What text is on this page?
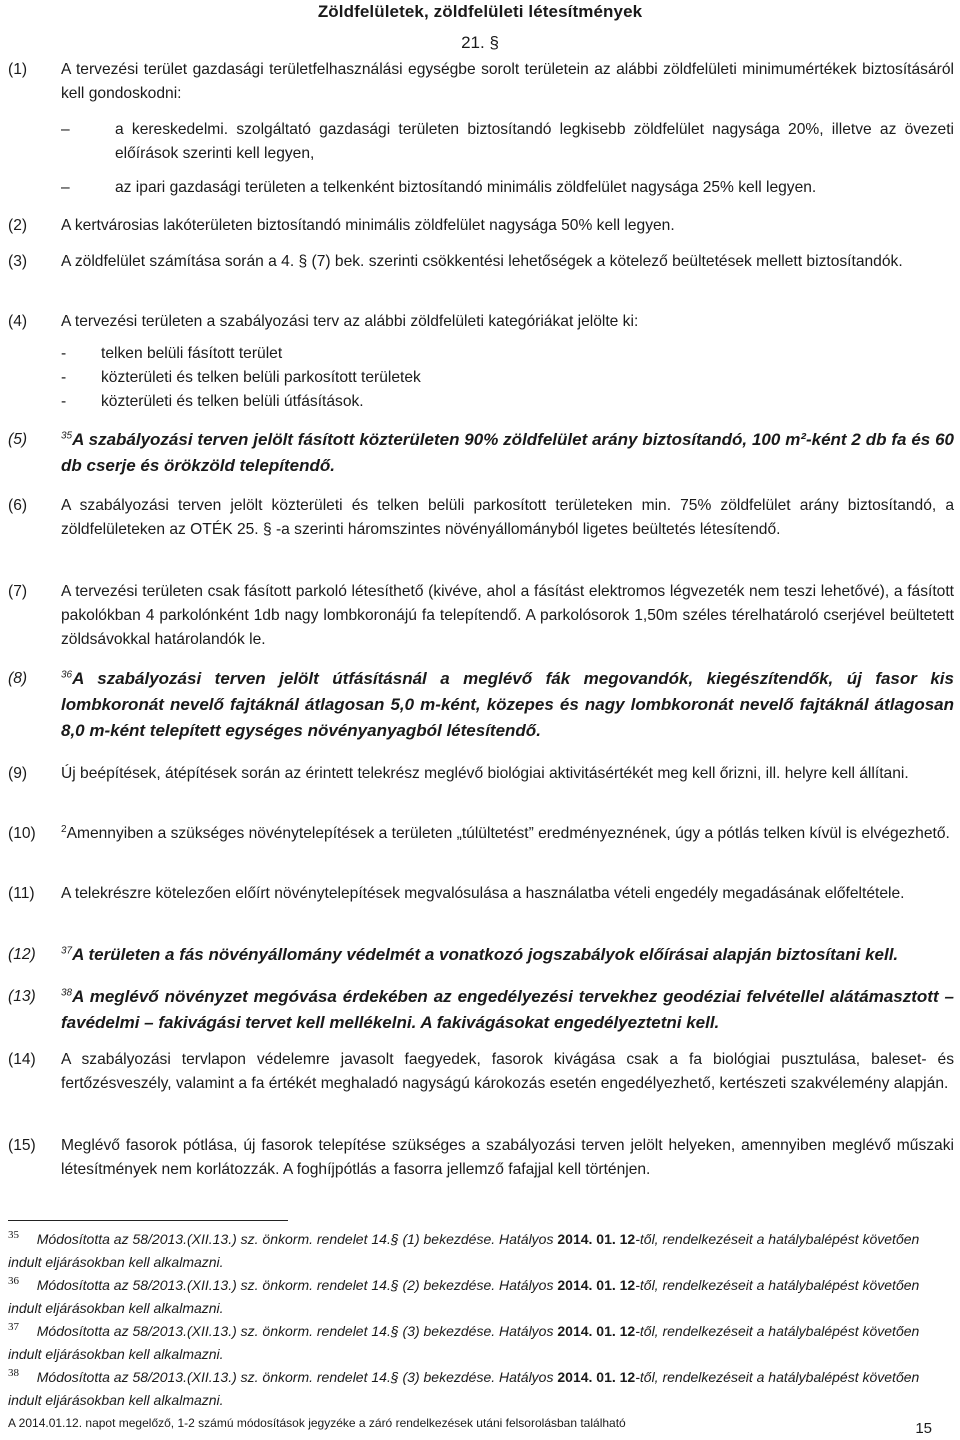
Zöldfelületek, zöldfelületi létesítmények
21. §
(1) A tervezési terület gazdasági területfelhasználási egységbe sorolt területein az alábbi zöldfelületi minimumértékek biztosításáról kell gondoskodni:
–	a kereskedelmi. szolgáltató gazdasági területen biztosítandó legkisebb zöldfelület nagysága 20%, illetve az övezeti előírások szerinti kell legyen,
–	az ipari gazdasági területen a telkenként biztosítandó minimális zöldfelület nagysága 25% kell legyen.
(2) A kertvárosias lakóterületen biztosítandó minimális zöldfelület nagysága 50% kell legyen.
(3) A zöldfelület számítása során a 4. § (7) bek. szerinti csökkentési lehetőségek a kötelező beültetések mellett biztosítandók.
(4) A tervezési területen a szabályozási terv az alábbi zöldfelületi kategóriákat jelölte ki:
- telken belüli fásított terület
- közterületi és telken belüli parkosított területek
- közterületi és telken belüli útfásítások.
(5)	$^{35}$A szabályozási terven jelölt fásított közterületen 90% zöldfelület arány biztosítandó, 100 m²-ként 2 db fa és 60 db cserje és örökzöld telepítendő.
(6) A szabályozási terven jelölt közterületi és telken belüli parkosított területeken min. 75% zöldfelület arány biztosítandó, a zöldfelületeken az OTÉK 25. § -a szerinti háromszintes növényállományból ligetes beültetés létesítendő.
(7) A tervezési területen csak fásított parkoló létesíthető (kivéve, ahol a fásítást elektromos légvezeték nem teszi lehetővé), a fásított pakolókban 4 parkolónként 1db nagy lombkoronájú fa telepítendő. A parkolósorok 1,50m széles térelhatároló cserjével beültetett zöldsávokkal határolandók le.
(8)	$^{36}$A szabályozási terven jelölt útfásításnál a meglévő fák megovandók, kiegészítendők, új fasor kis lombkoronát nevelő fajtáknál átlagosan 5,0 m-ként, közepes és nagy lombkoronát nevelő fajtáknál átlagosan 8,0 m-ként telepített egységes növényanyagból létesítendő.
(9) Új beépítések, átépítések során az érintett telekrész meglévő biológiai aktivitásértékét meg kell őrizni, ill. helyre kell állítani.
(10)	$^2$Amennyiben a szükséges növénytelepítések a területen „túlültetést” eredményeznének, úgy a pótlás telken kívül is elvégezhető.
(11) A telekrészre kötelezően előírt növénytelepítések megvalósulása a használatba vételi engedély megadásának előfeltétele.
(12)	$^{37}$A területen a fás növényállomány védelmét a vonatkozó jogszabályok előírásai alapján biztosítani kell.
(13)	$^{38}$A meglévő növényzet megóvása érdekében az engedélyezési tervekhez geodéziai felvétellel alátámasztott – favédelmi – fakivágási tervet kell mellékelni. A fakivágásokat engedélyeztetni kell.
(14) A szabályozási tervlapon védelemre javasolt faegyedek, fasorok kivágása csak a fa biológiai pusztulása, baleset- és fertőzésveszély, valamint a fa értékét meghaladó nagyságú károkozás esetén engedélyezhető, kertészeti szakvélemény alapján.
(15) Meglévő fasorok pótlása, új fasorok telepítése szükséges a szabályozási terven jelölt helyeken, amennyiben meglévő műszaki létesítmények nem korlátozzák. A foghíjpótlás a fasorra jellemző fafajjal kell történjen.
$^{35}$ Módosította az 58/2013.(XII.13.) sz. önkorm. rendelet 14.§ (1) bekezdése. Hatályos 2014. 01. 12-től, rendelkezéseit a hatálybalépést követően indult eljárásokban kell alkalmazni.
$^{36}$ Módosította az 58/2013.(XII.13.) sz. önkorm. rendelet 14.§ (2) bekezdése. Hatályos 2014. 01. 12-től, rendelkezéseit a hatálybalépést követően indult eljárásokban kell alkalmazni.
$^{37}$ Módosította az 58/2013.(XII.13.) sz. önkorm. rendelet 14.§ (3) bekezdése. Hatályos 2014. 01. 12-től, rendelkezéseit a hatálybalépést követően indult eljárásokban kell alkalmazni.
$^{38}$ Módosította az 58/2013.(XII.13.) sz. önkorm. rendelet 14.§ (3) bekezdése. Hatályos 2014. 01. 12-től, rendelkezéseit a hatálybalépést követően indult eljárásokban kell alkalmazni.
A 2014.01.12. napot megelőző, 1-2 számú módosítások jegyzéke a záró rendelkezések utáni felsorolásban található	15
